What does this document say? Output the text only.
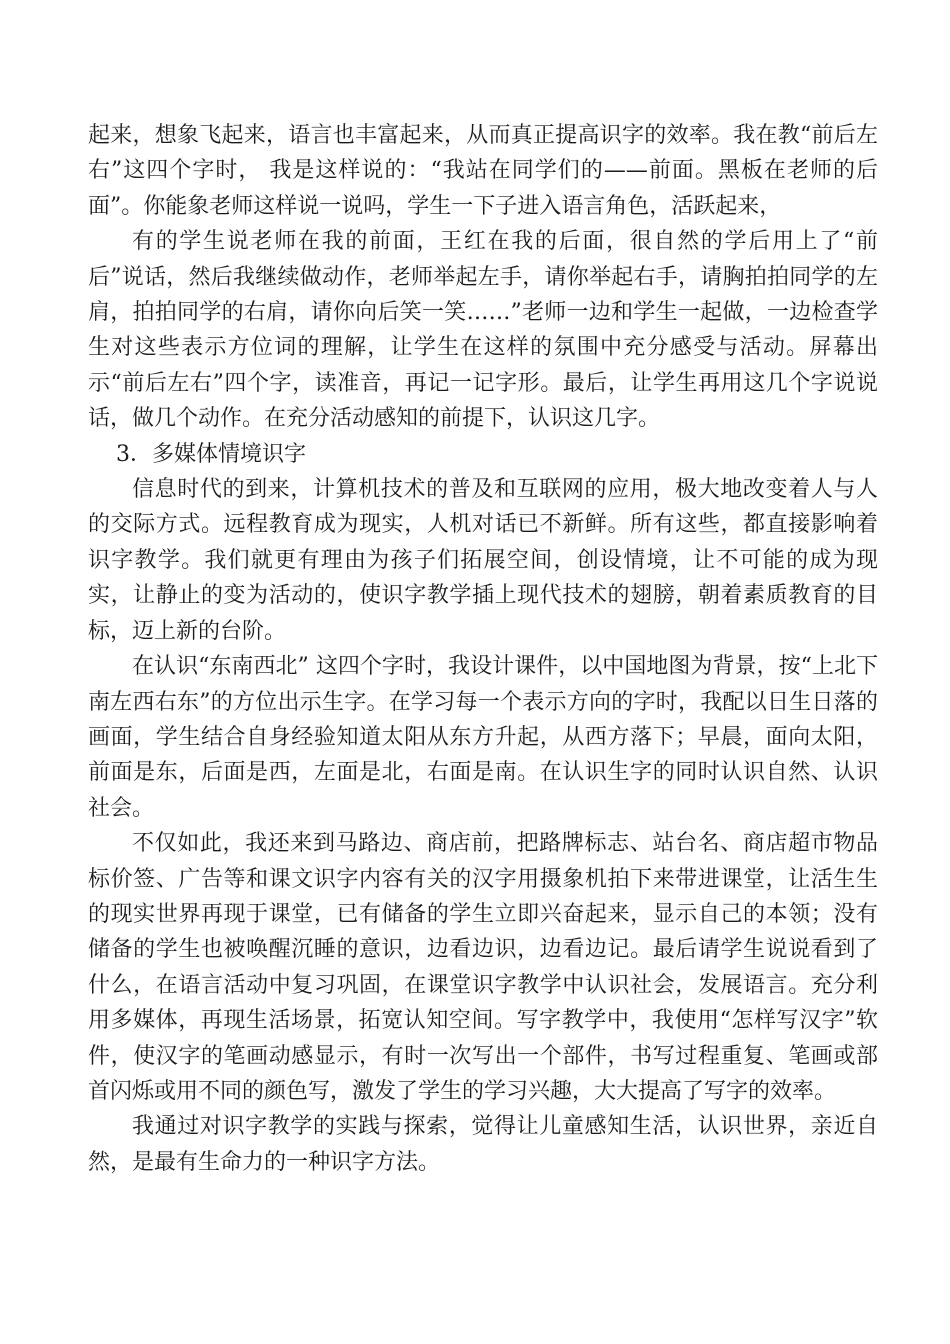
起来，想象飞起来，语言也丰富起来，从而真正提高识字的效率。我在教“前后左右”这四个字时， 我是这样说的：“我站在同学们的——前面。黑板在老师的后面”。你能象老师这样说一说吗，学生一下子进入语言角色，活跃起来，

有的学生说老师在我的前面，王红在我的后面，很自然的学后用上了“前后”说话，然后我继续做动作，老师举起左手，请你举起右手，请胸拍拍同学的左肩，拍拍同学的右肩，请你向后笑一笑……”老师一边和学生一起做，一边检查学生对这些表示方位词的理解，让学生在这样的氛围中充分感受与活动。屏幕出示“前后左右”四个字，读准音，再记一记字形。最后，让学生再用这几个字说说话，做几个动作。在充分活动感知的前提下，认识这几字。

3．多媒体情境识字

信息时代的到来，计算机技术的普及和互联网的应用，极大地改变着人与人的交际方式。远程教育成为现实，人机对话已不新鲜。所有这些，都直接影响着识字教学。我们就更有理由为孩子们拓展空间，创设情境，让不可能的成为现实，让静止的变为活动的，使识字教学插上现代技术的翅膀，朝着素质教育的目标，迈上新的台阶。

在认识“东南西北” 这四个字时，我设计课件，以中国地图为背景，按“上北下南左西右东”的方位出示生字。在学习每一个表示方向的字时，我配以日生日落的画面，学生结合自身经验知道太阳从东方升起，从西方落下；早晨，面向太阳，前面是东，后面是西，左面是北，右面是南。在认识生字的同时认识自然、认识社会。

不仅如此，我还来到马路边、商店前，把路牌标志、站台名、商店超市物品标价签、广告等和课文识字内容有关的汉字用摄象机拍下来带进课堂，让活生生的现实世界再现于课堂，已有储备的学生立即兴奋起来，显示自己的本领；没有储备的学生也被唤醒沉睡的意识，边看边识，边看边记。最后请学生说说看到了什么，在语言活动中复习巩固，在课堂识字教学中认识社会，发展语言。充分利用多媒体，再现生活场景，拓宽认知空间。写字教学中，我使用“怎样写汉字”软件，使汉字的笔画动感显示，有时一次写出一个部件，书写过程重复、笔画或部首闪烁或用不同的颜色写，激发了学生的学习兴趣，大大提高了写字的效率。

我通过对识字教学的实践与探索，觉得让儿童感知生活，认识世界，亲近自然，是最有生命力的一种识字方法。
